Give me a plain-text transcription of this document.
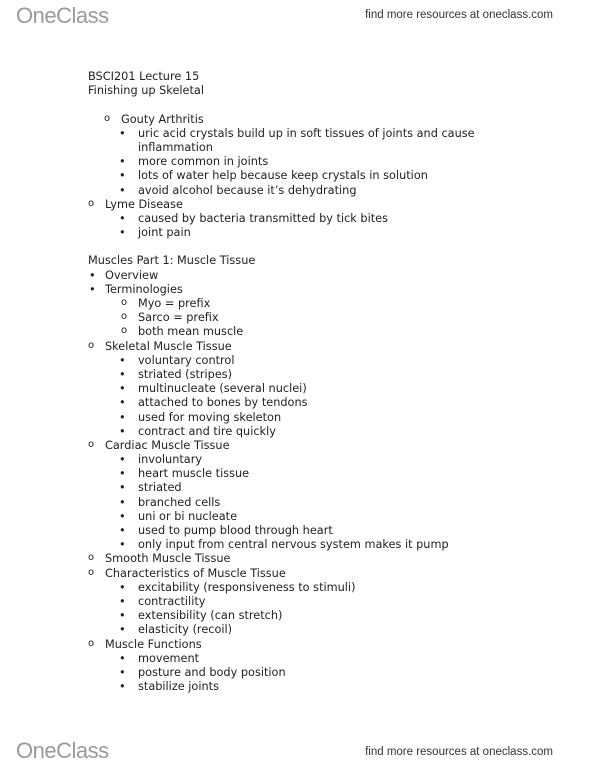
OneClass	find more resources at oneclass.com
BSCI201 Lecture 15
Finishing up Skeletal
o Gouty Arthritis
• uric acid crystals build up in soft tissues of joints and cause
inflammation
• more common in joints
• lots of water help because keep crystals in solution
• avoid alcohol because it’s dehydrating
o Lyme Disease
• caused by bacteria transmitted by tick bites
• joint pain
Muscles Part 1: Muscle Tissue
• Overview
• Terminologies
o Myo = prefix
o Sarco = prefix
o both mean muscle
o Skeletal Muscle Tissue
• voluntary control
• striated (stripes)
• multinucleate (several nuclei)
• attached to bones by tendons
• used for moving skeleton
• contract and tire quickly
o Cardiac Muscle Tissue
• involuntary
• heart muscle tissue
• striated
• branched cells
• uni or bi nucleate
• used to pump blood through heart
• only input from central nervous system makes it pump
o Smooth Muscle Tissue
o Characteristics of Muscle Tissue
• excitability (responsiveness to stimuli)
• contractility
• extensibility (can stretch)
• elasticity (recoil)
o Muscle Functions
• movement
• posture and body position
• stabilize joints
OneClass	find more resources at oneclass.com
